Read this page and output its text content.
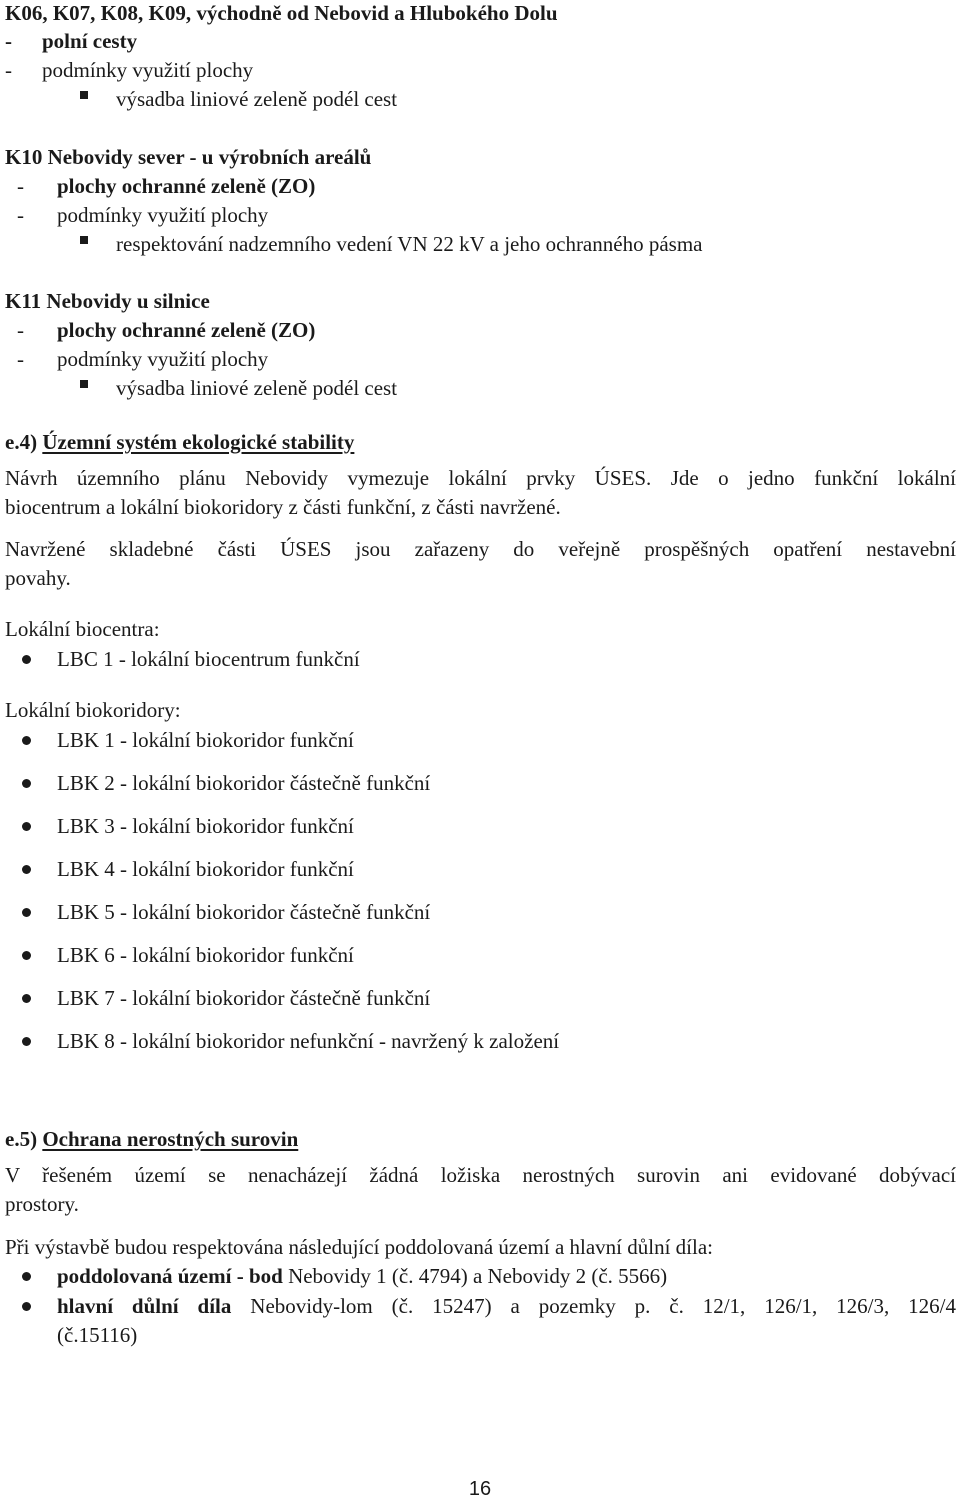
K06, K07, K08, K09, východně od Nebovid a Hlubokého Dolu
- polní cesty
- podmínky využití plochy
výsadba liniové zeleně podél cest
K10 Nebovidy sever - u výrobních areálů
- plochy ochranné zeleně (ZO)
- podmínky využití plochy
respektování nadzemního vedení VN 22 kV a jeho ochranného pásma
K11 Nebovidy u silnice
- plochy ochranné zeleně (ZO)
- podmínky využití plochy
výsadba liniové zeleně podél cest
e.4) Územní systém ekologické stability
Návrh územního plánu Nebovidy vymezuje lokální prvky ÚSES. Jde o jedno funkční lokální
biocentrum a lokální biokoridory z části funkční, z části navržené.
Navržené skladebné části ÚSES jsou zařazeny do veřejně prospěšných opatření nestavební
povahy.
Lokální biocentra:
LBC 1 - lokální biocentrum funkční
Lokální biokoridory:
LBK 1 - lokální biokoridor funkční
LBK 2 - lokální biokoridor částečně funkční
LBK 3 - lokální biokoridor funkční
LBK 4 - lokální biokoridor funkční
LBK 5 - lokální biokoridor částečně funkční
LBK 6 - lokální biokoridor funkční
LBK 7 - lokální biokoridor částečně funkční
LBK 8 - lokální biokoridor nefunkční - navržený k založení
e.5) Ochrana nerostných surovin
V řešeném území se nenacházejí žádná ložiska nerostných surovin ani evidované dobývací
prostory.
Při výstavbě budou respektována následující poddolovaná území a hlavní důlní díla:
poddolovaná území - bod Nebovidy 1 (č. 4794) a Nebovidy 2 (č. 5566)
hlavní důlní díla Nebovidy-lom (č. 15247) a pozemky p. č. 12/1, 126/1, 126/3, 126/4
(č.15116)
16
